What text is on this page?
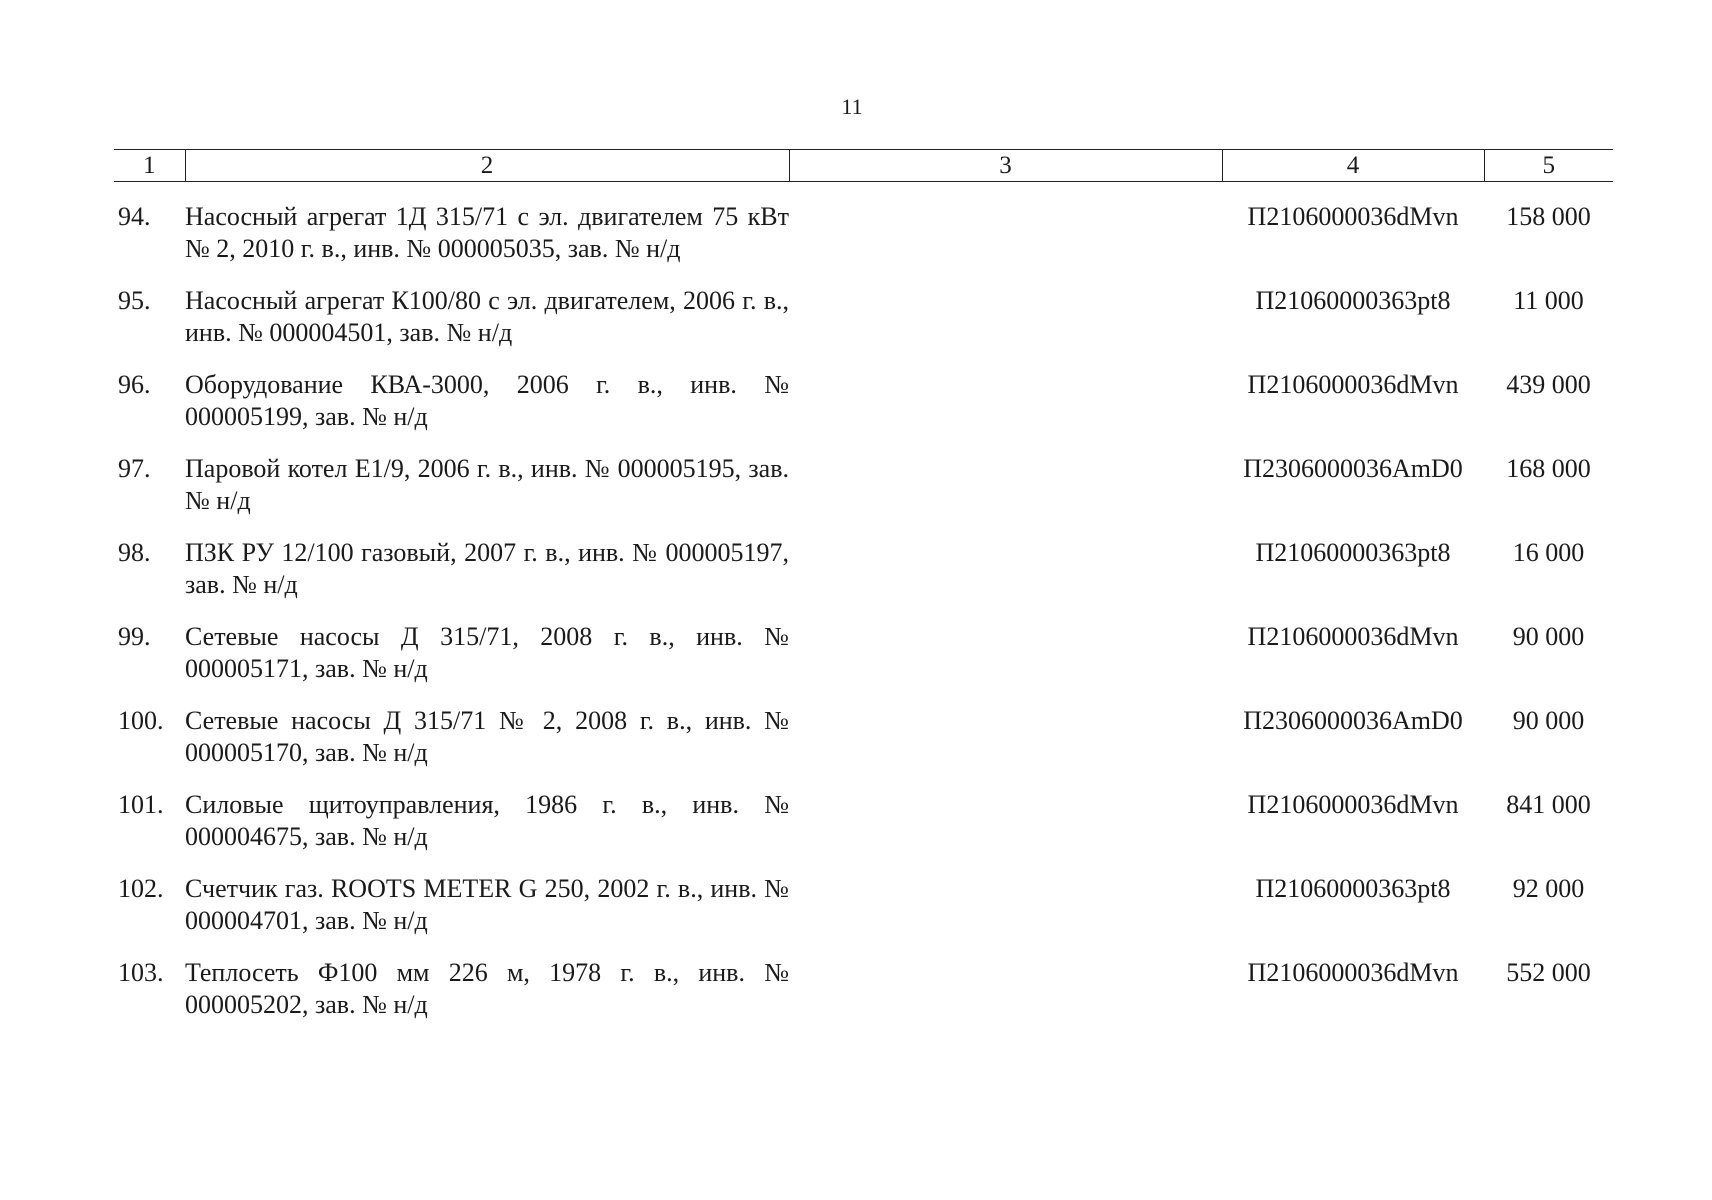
11
1	2	3	4	5
94.	Насосный агрегат 1Д 315/71 с эл. двигателем 75 кВт № 2, 2010 г. в., инв. № 000005035, зав. № н/д		П2106000036dMvn	158 000
95.	Насосный агрегат К100/80 с эл. двигателем, 2006 г. в., инв. № 000004501, зав. № н/д		П21060000363pt8	11 000
96.	Оборудование КВА-3000, 2006 г. в., инв. № 000005199, зав. № н/д		П2106000036dMvn	439 000
97.	Паровой котел Е1/9, 2006 г. в., инв. № 000005195, зав. № н/д		П2306000036AmD0	168 000
98.	ПЗК РУ 12/100 газовый, 2007 г. в., инв. № 000005197, зав. № н/д		П21060000363pt8	16 000
99.	Сетевые насосы Д 315/71, 2008 г. в., инв. № 000005171, зав. № н/д		П2106000036dMvn	90 000
100.	Сетевые насосы Д 315/71 № 2, 2008 г. в., инв. № 000005170, зав. № н/д		П2306000036AmD0	90 000
101.	Силовые щитоуправления, 1986 г. в., инв. № 000004675, зав. № н/д		П2106000036dMvn	841 000
102.	Счетчик газ. ROOTS METER G 250, 2002 г. в., инв. № 000004701, зав. № н/д		П21060000363pt8	92 000
103.	Теплосеть Ф100 мм 226 м, 1978 г. в., инв. № 000005202, зав. № н/д		П2106000036dMvn	552 000
